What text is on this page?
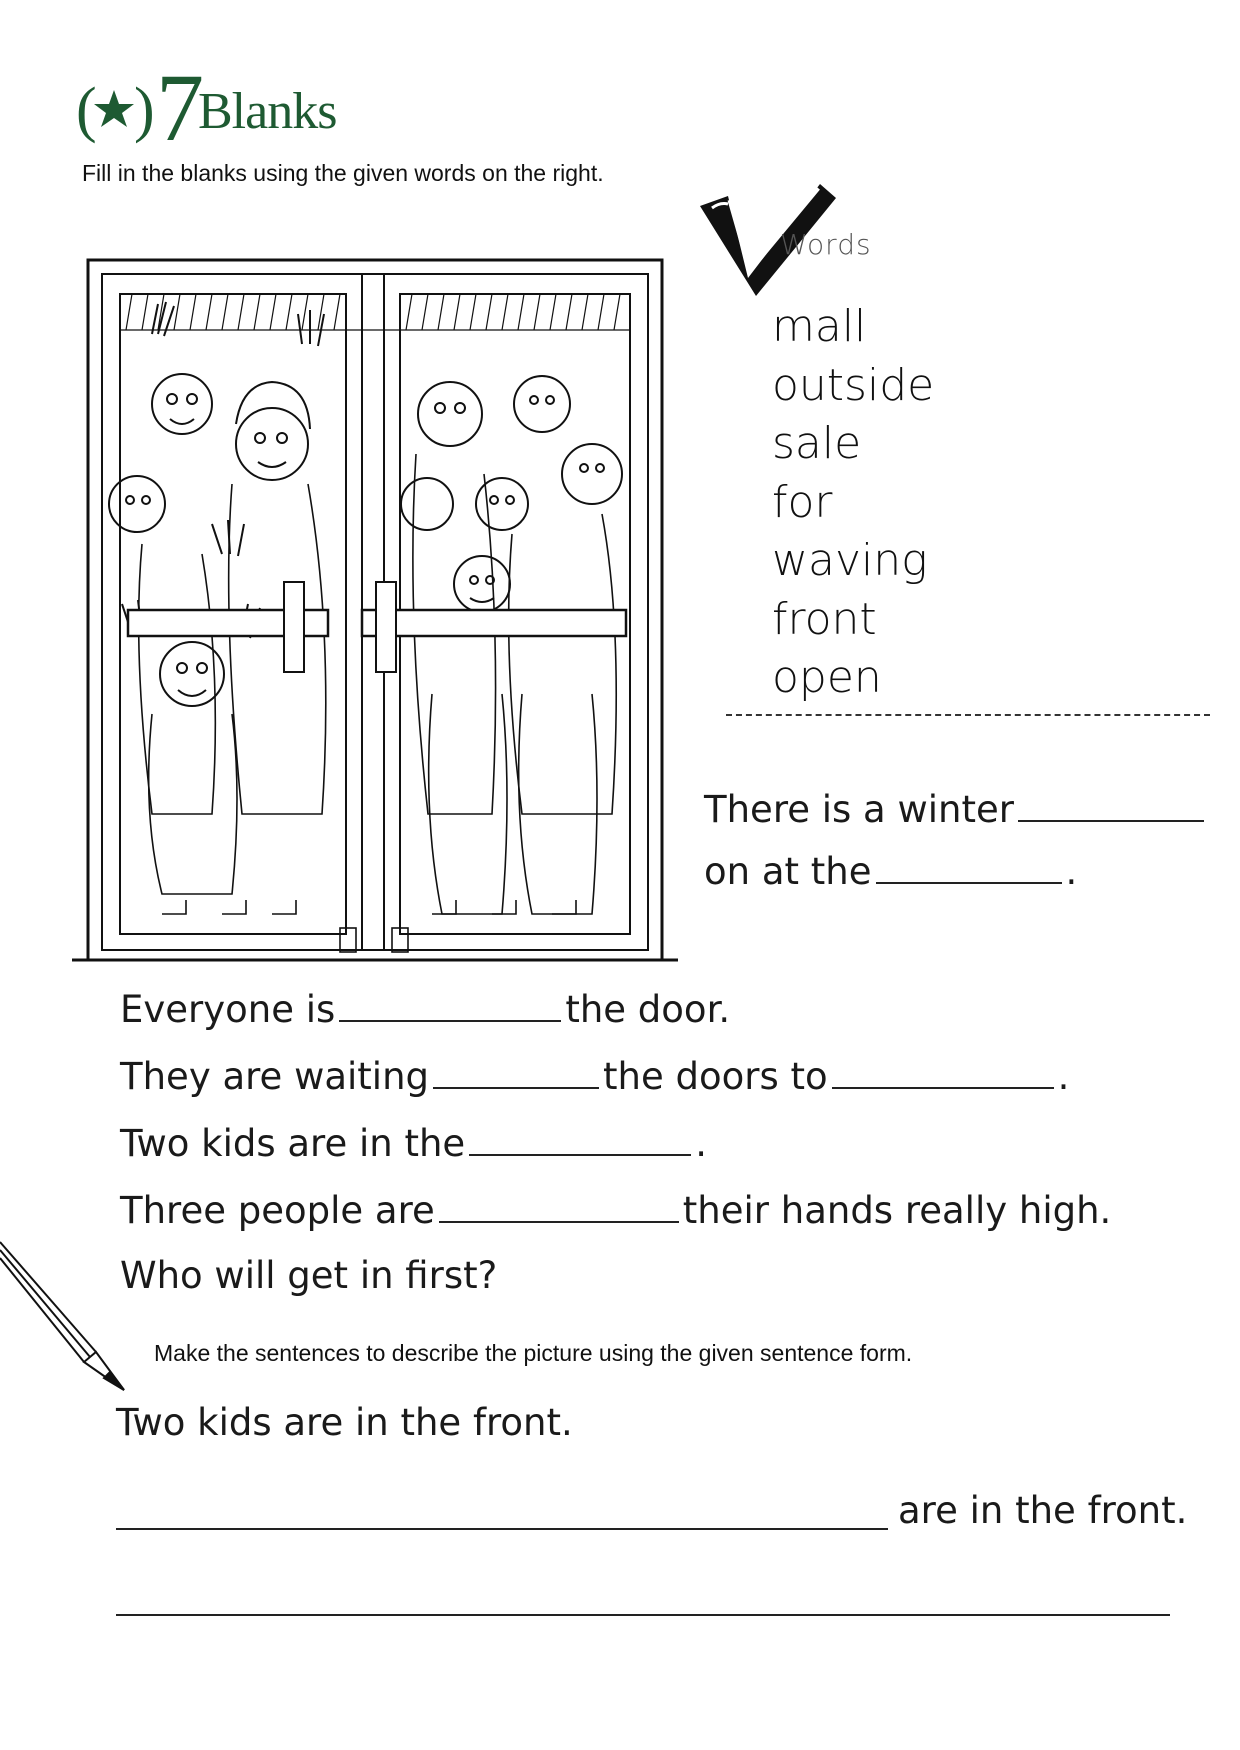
( ) 7
Blanks
Fill in the blanks using the given words on the right.
Words
mall
outside
sale
for
waving
front
open
There is a winter
on at the	.
Everyone is	the door.
They are waiting	the doors to	.
Two kids are in the	.
Three people are	their hands really high.
Who will get in first?
Make the sentences to describe the picture using the given sentence form.
Two kids are in the front.
are in the front.
